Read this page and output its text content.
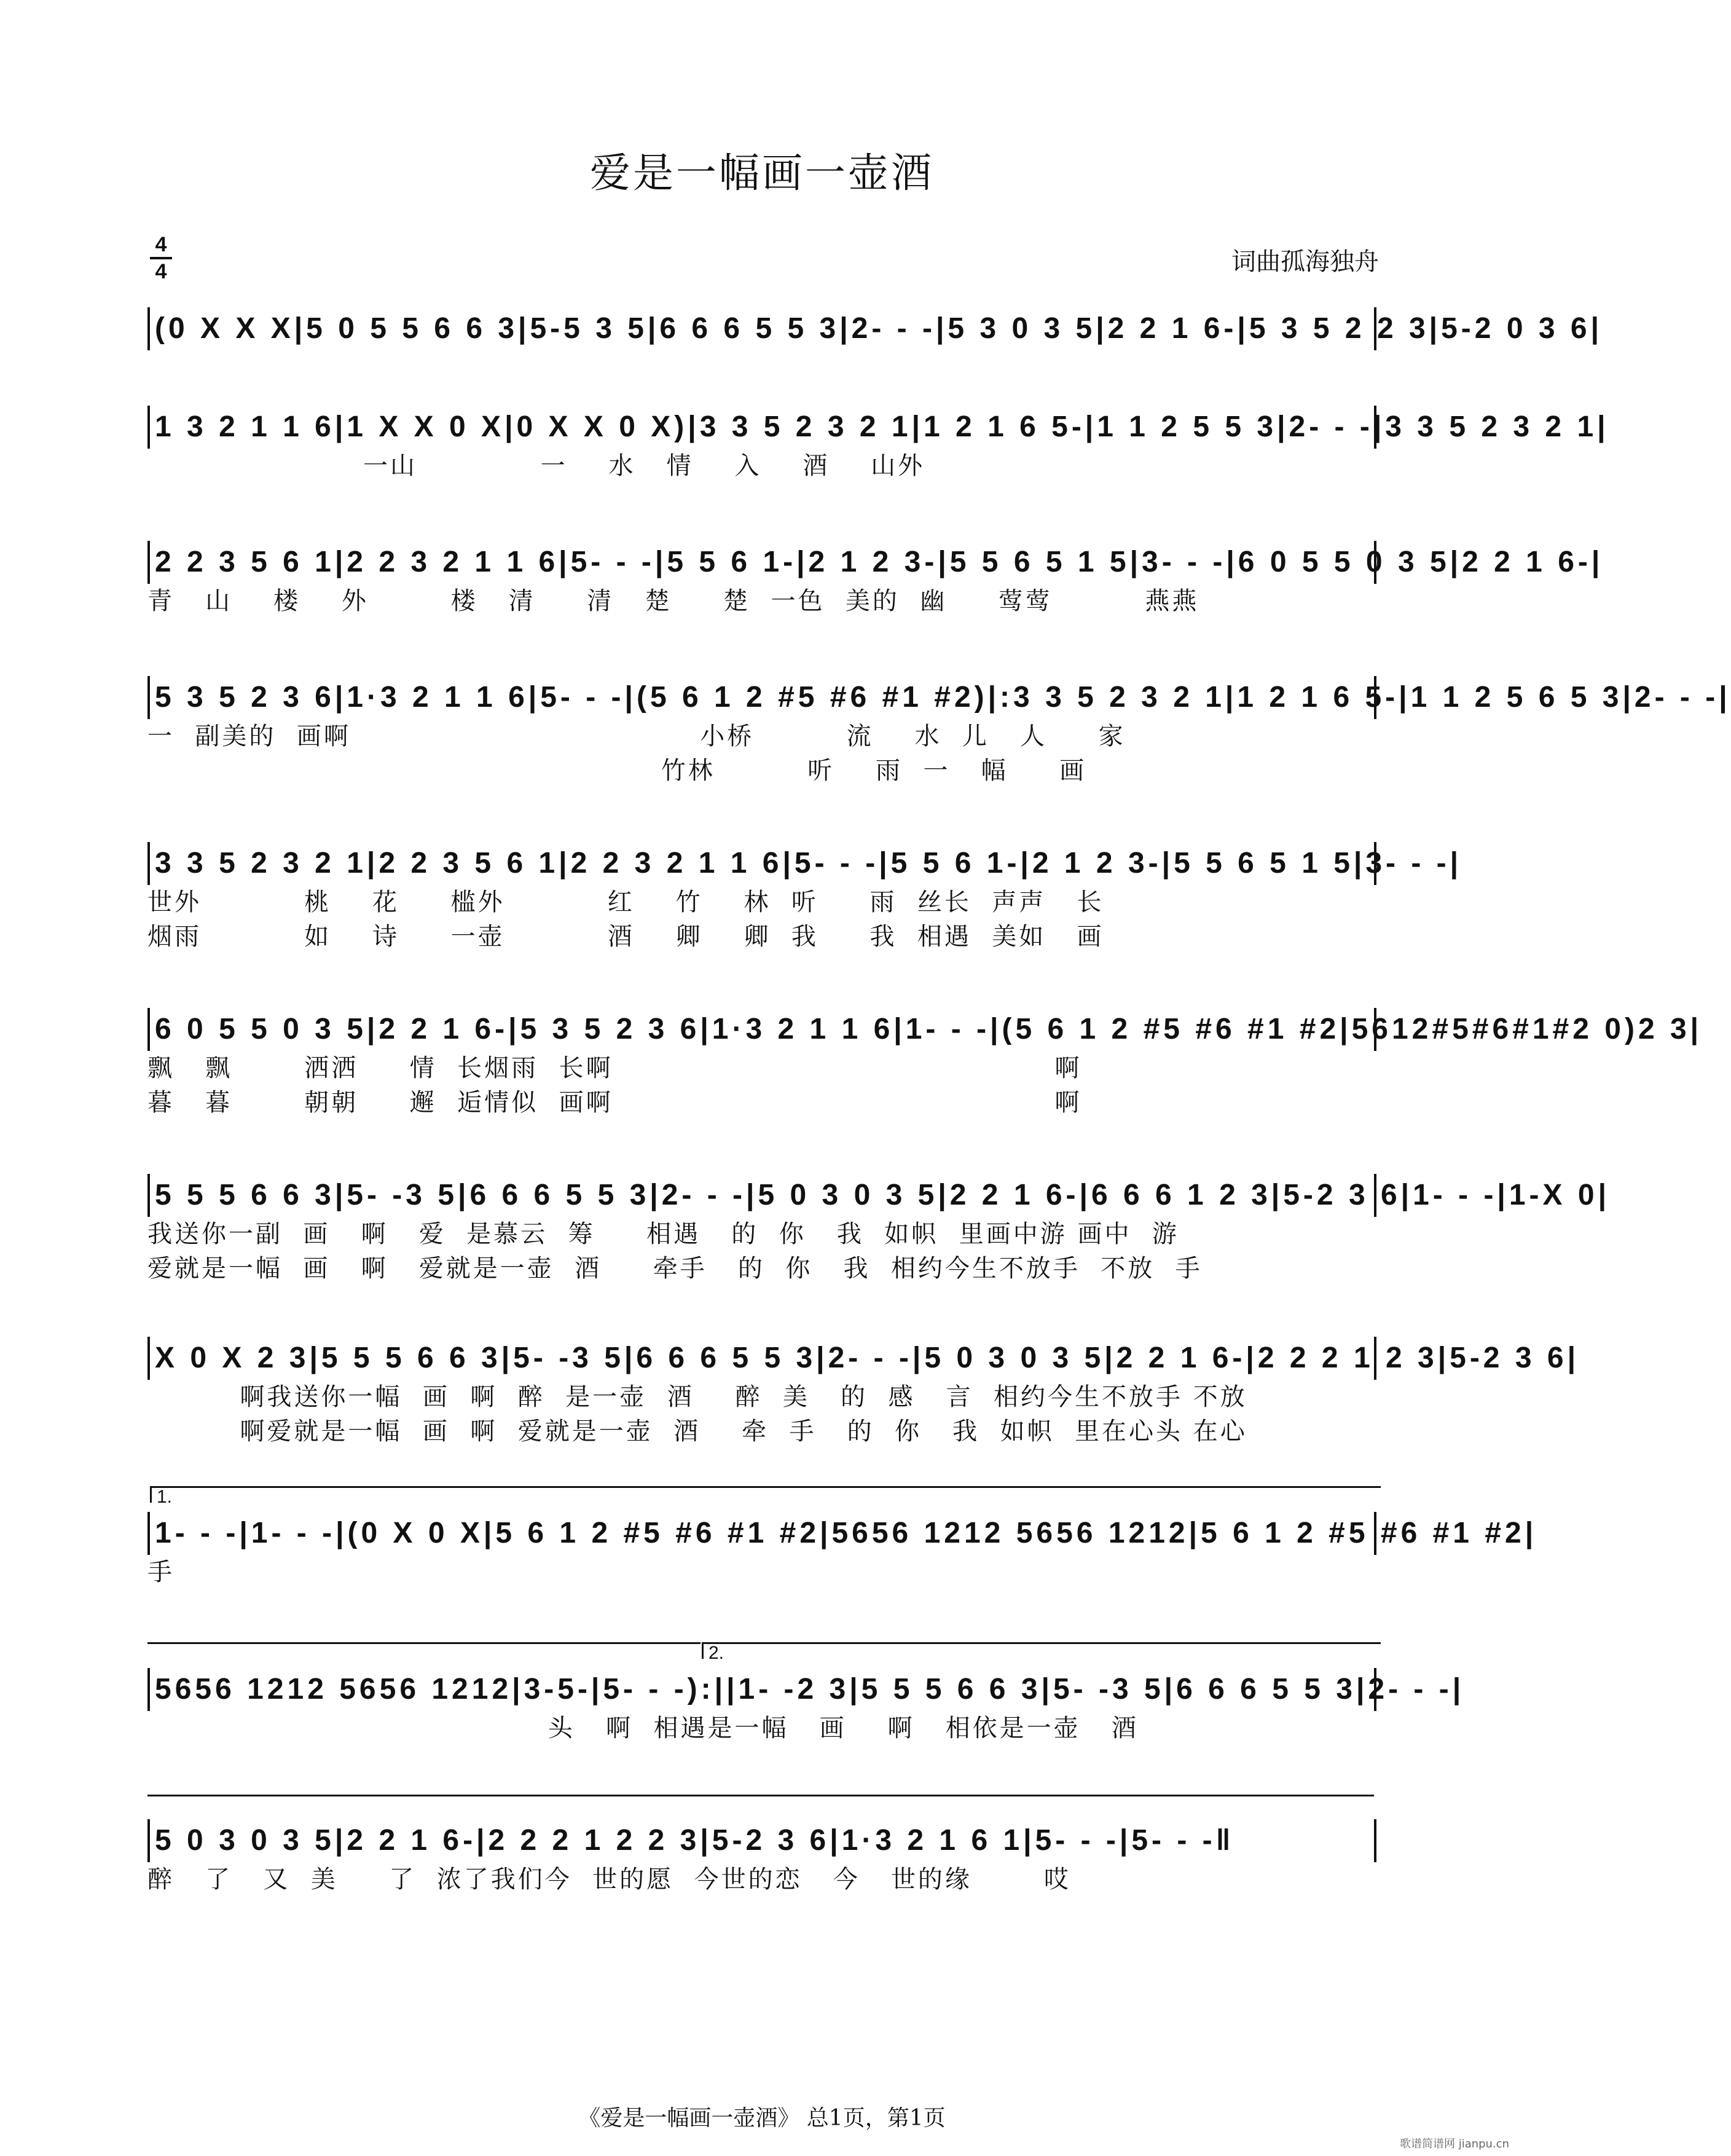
爱是一幅画一壶酒
4
4	词曲孤海独舟
(0 X X X|5 0 5 5 6 6 3|5-5 3 5|6 6 6 5 5 3|2- - -|5 3 0 3 5|2 2 1 6-|5 3 5 2 2 3|5-2 0 3 6|
1 3 2 1 1 6|1 X X 0 X|0 X X 0 X)|3 3 5 2 3 2 1|1 2 1 6 5-|1 1 2 5 5 3|2- - -|3 3 5 2 3 2 1|
一山            一    水   情    入    酒    山外
2 2 3 5 6 1|2 2 3 2 1 1 6|5- - -|5 5 6 1-|2 1 2 3-|5 5 6 5 1 5|3- - -|6 0 5 5 0 3 5|2 2 1 6-|
青   山    楼    外        楼   清     清   楚     楚  一色  美的  幽     莺莺         燕燕
5 3 5 2 3 6|1·3 2 1 1 6|5- - -|(5 6 1 2 #5 #6 #1 #2)|:3 3 5 2 3 2 1|1 2 1 6 5-|1 1 2 5 6 5 3|2- - -|
一  副美的  画啊                                  小桥         流    水  儿   人     家
竹林         听    雨  一   幅     画
3 3 5 2 3 2 1|2 2 3 5 6 1|2 2 3 2 1 1 6|5- - -|5 5 6 1-|2 1 2 3-|5 5 6 5 1 5|3- - -|
世外          桃    花     槛外          红    竹    林  听     雨  丝长  声声   长
烟雨          如    诗     一壶          酒    卿    卿  我     我  相遇  美如   画
6 0 5 5 0 3 5|2 2 1 6-|5 3 5 2 3 6|1·3 2 1 1 6|1- - -|(5 6 1 2 #5 #6 #1 #2|5612#5#6#1#2 0)2 3|
飘   飘       洒洒     情  长烟雨  长啊                                           啊
暮   暮       朝朝     邂  逅情似  画啊                                           啊
5 5 5 6 6 3|5- -3 5|6 6 6 5 5 3|2- - -|5 0 3 0 3 5|2 2 1 6-|6 6 6 1 2 3|5-2 3 6|1- - -|1-X 0|
我送你一副  画   啊   爱  是慕云  筹     相遇   的  你   我  如帜  里画中游 画中  游
爱就是一幅  画   啊   爱就是一壶  酒     牵手   的  你   我  相约今生不放手  不放  手
X 0 X 2 3|5 5 5 6 6 3|5- -3 5|6 6 6 5 5 3|2- - -|5 0 3 0 3 5|2 2 1 6-|2 2 2 1 2 3|5-2 3 6|
啊我送你一幅  画  啊  醉  是一壶  酒    醉  美   的  感   言  相约今生不放手 不放
啊爱就是一幅  画  啊  爱就是一壶  酒    牵  手   的  你   我  如帜  里在心头 在心
1.
1- - -|1- - -|(0 X 0 X|5 6 1 2 #5 #6 #1 #2|5656 1212 5656 1212|5 6 1 2 #5 #6 #1 #2|
手
2.
5656 1212 5656 1212|3-5-|5- - -):||1- -2 3|5 5 5 6 6 3|5- -3 5|6 6 6 5 5 3|2- - -|
头   啊  相遇是一幅   画    啊   相依是一壶   酒
5 0 3 0 3 5|2 2 1 6-|2 2 2 1 2 2 3|5-2 3 6|1·3 2 1 6 1|5- - -|5- - -‖
醉   了   又  美     了  浓了我们今  世的愿  今世的恋   今   世的缘       哎
《爱是一幅画一壶酒》 总1页，第1页
歌谱简谱网 jianpu.cn
